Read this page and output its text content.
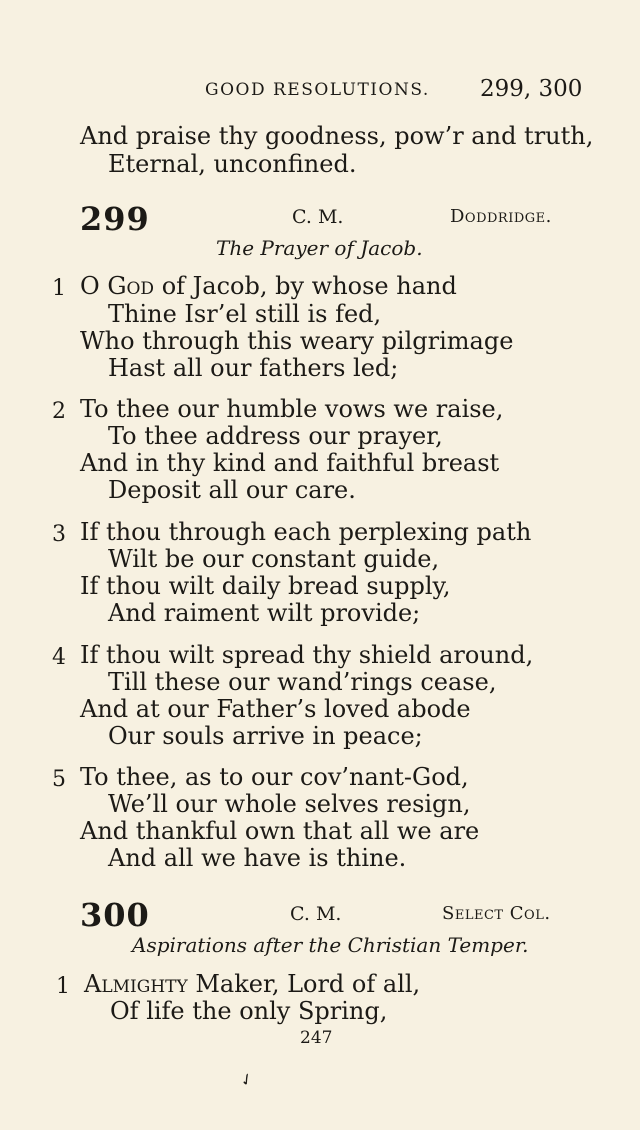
GOOD RESOLUTIONS. 299, 300
And praise thy goodness, pow’r and truth,
Eternal, unconfined.
299	C. M.	Doddridge.
The Prayer of Jacob.
1 O God of Jacob, by whose hand
Thine Isr’el still is fed,
Who through this weary pilgrimage
Hast all our fathers led;
2 To thee our humble vows we raise,
To thee address our prayer,
And in thy kind and faithful breast
Deposit all our care.
3 If thou through each perplexing path
Wilt be our constant guide,
If thou wilt daily bread supply,
And raiment wilt provide;
4 If thou wilt spread thy shield around,
Till these our wand’rings cease,
And at our Father’s loved abode
Our souls arrive in peace;
5 To thee, as to our cov’nant-God,
We’ll our whole selves resign,
And thankful own that all we are
And all we have is thine.
300	C. M.	Select Col.
Aspirations after the Christian Temper.
1 Almighty Maker, Lord of all,
Of life the only Spring,
247
✓
